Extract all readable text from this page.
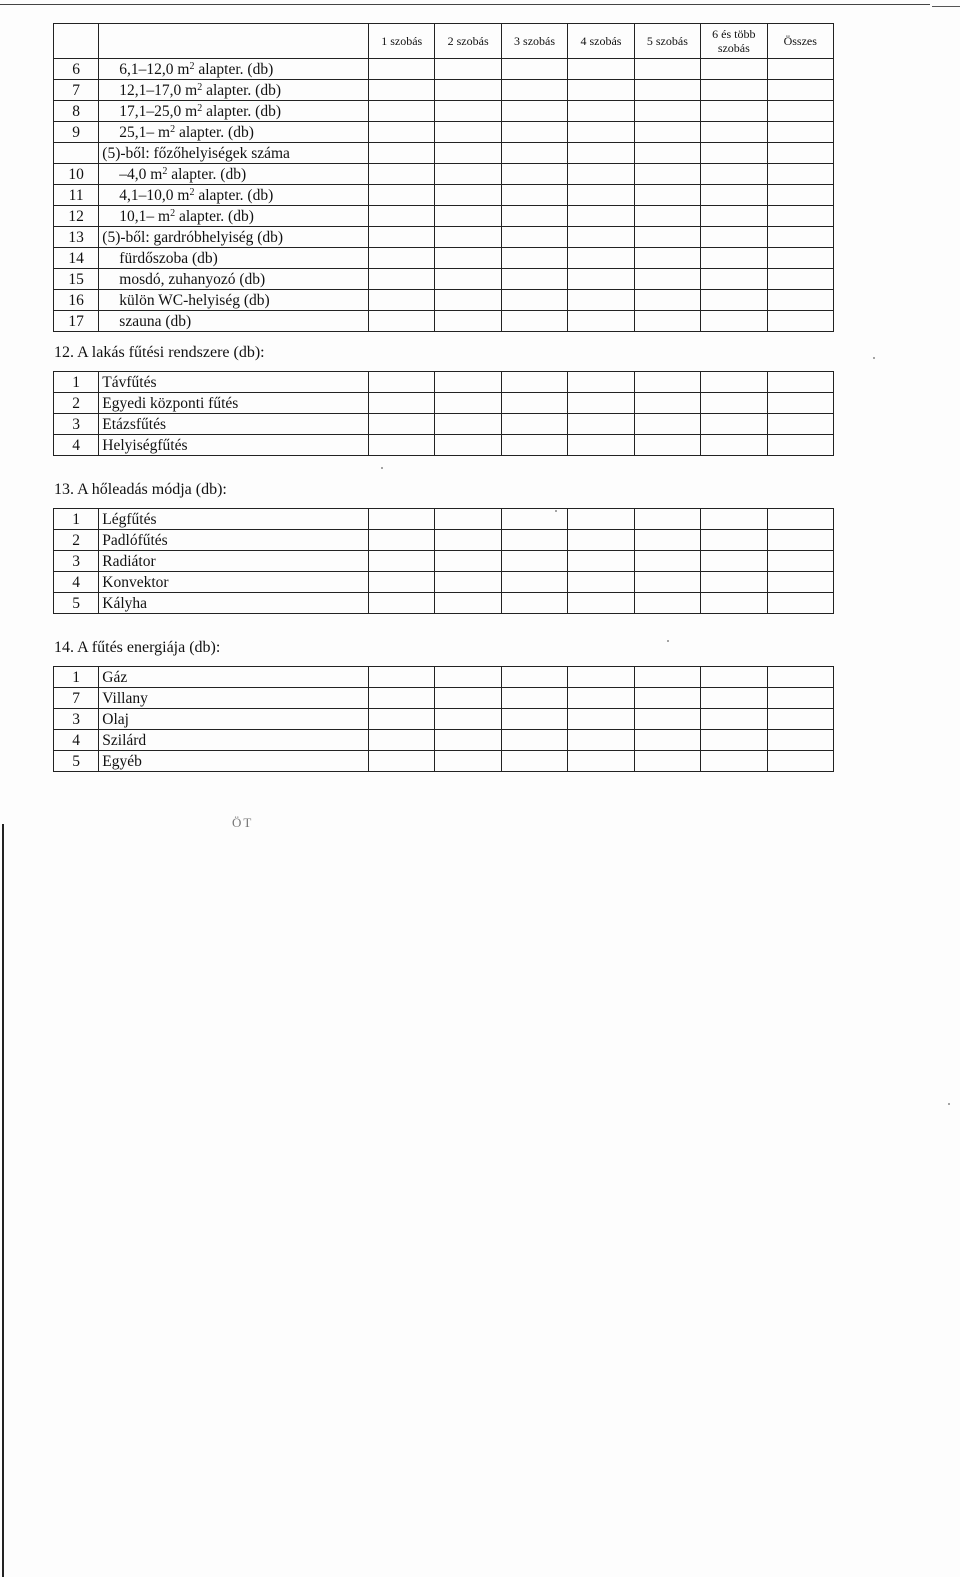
		1 szobás	2 szobás	3 szobás	4 szobás	5 szobás	6 és több szobás	Összes
6	6,1–12,0 $m^2$ alapter. (db)							
7	12,1–17,0 $m^2$ alapter. (db)							
8	17,1–25,0 $m^2$ alapter. (db)							
9	25,1– $m^2$ alapter. (db)							
	(5)-ből: főzőhelyiségek száma							
10	–4,0 $m^2$ alapter. (db)							
11	4,1–10,0 $m^2$ alapter. (db)							
12	10,1– $m^2$ alapter. (db)							
13	(5)-ből: gardróbhelyiség (db)							
14	fürdőszoba (db)							
15	mosdó, zuhanyozó (db)							
16	külön WC-helyiség (db)							
17	szauna (db)							
12. A lakás fűtési rendszere (db):
1	Távfűtés							
2	Egyedi központi fűtés							
3	Etázsfűtés							
4	Helyiségfűtés							
13. A hőleadás módja (db):
1	Légfűtés							
2	Padlófűtés							
3	Radiátor							
4	Konvektor							
5	Kályha							
14. A fűtés energiája (db):
1	Gáz							
7	Villany							
3	Olaj							
4	Szilárd							
5	Egyéb							
ÖT
